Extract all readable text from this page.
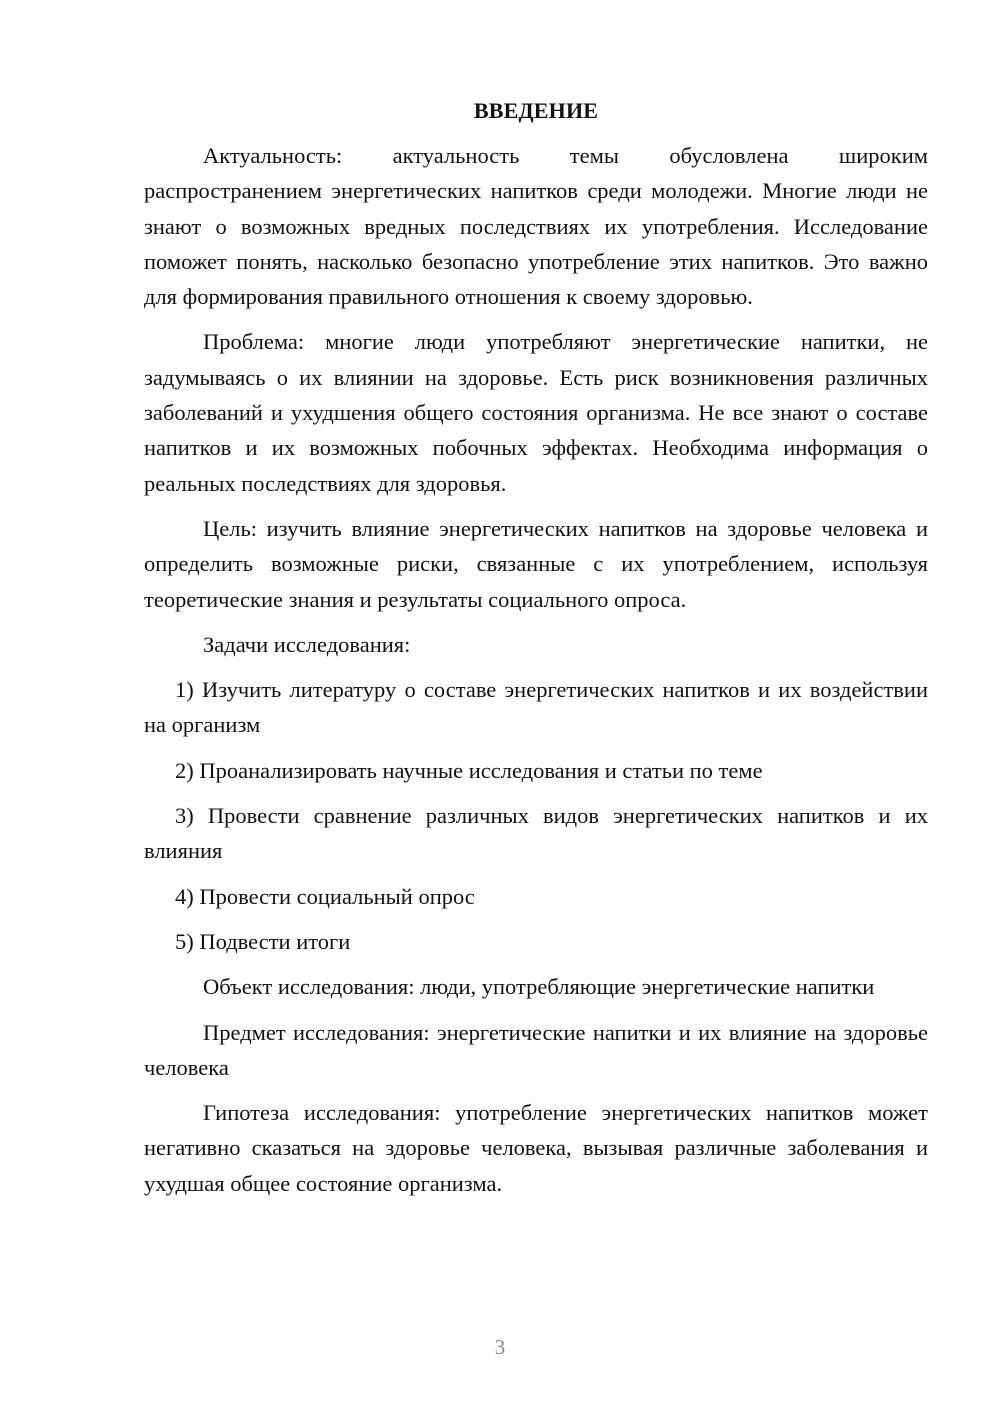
ВВЕДЕНИЕ

Актуальность: актуальность темы обусловлена широким распространением энергетических напитков среди молодежи. Многие люди не знают о возможных вредных последствиях их употребления. Исследование поможет понять, насколько безопасно употребление этих напитков. Это важно для формирования правильного отношения к своему здоровью.

Проблема: многие люди употребляют энергетические напитки, не задумываясь о их влиянии на здоровье. Есть риск возникновения различных заболеваний и ухудшения общего состояния организма. Не все знают о составе напитков и их возможных побочных эффектах. Необходима информация о реальных последствиях для здоровья.

Цель: изучить влияние энергетических напитков на здоровье человека и определить возможные риски, связанные с их употреблением, используя теоретические знания и результаты социального опроса.

Задачи исследования:

1) Изучить литературу о составе энергетических напитков и их воздействии на организм

2) Проанализировать научные исследования и статьи по теме

3) Провести сравнение различных видов энергетических напитков и их влияния

4) Провести социальный опрос

5) Подвести итоги

Объект исследования: люди, употребляющие энергетические напитки

Предмет исследования: энергетические напитки и их влияние на здоровье человека

Гипотеза исследования: употребление энергетических напитков может негативно сказаться на здоровье человека, вызывая различные заболевания и ухудшая общее состояние организма.

3
